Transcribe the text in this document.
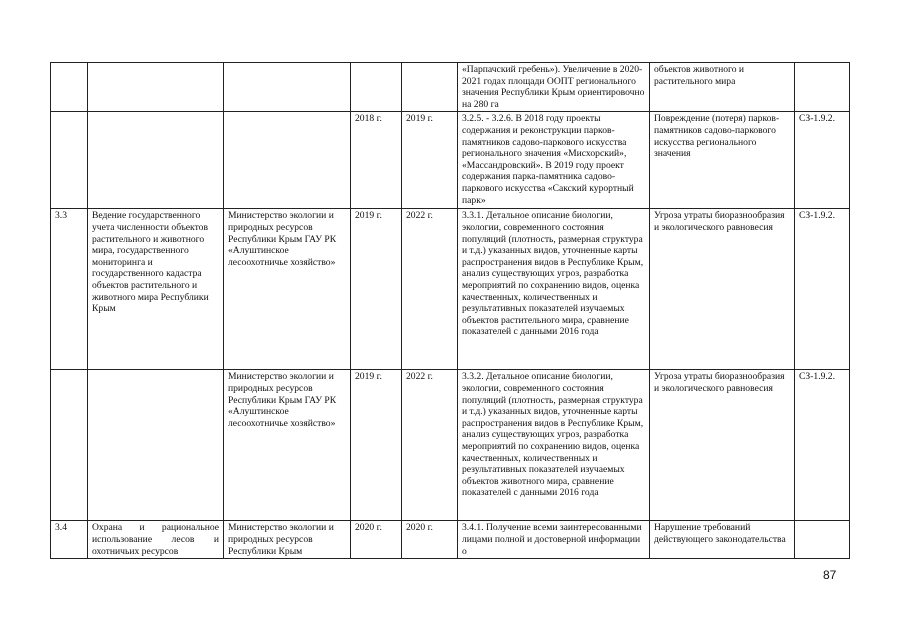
					«Парпачский гребень»). Увеличение в 2020-2021 годах площади ООПТ регионального значения Республики Крым ориентировочно на 280 га	объектов животного и растительного мира	
			2018 г.	2019 г.	3.2.5. - 3.2.6. В 2018 году проекты содержания и реконструкции парков-памятников садово-паркового искусства регионального значения «Мисхорский», «Массандровский». В 2019 году проект содержания парка-памятника садово-паркового искусства «Сакский курортный парк»	Повреждение (потеря) парков-памятников садово-паркового искусства регионального значения	СЗ-1.9.2.
3.3	Ведение государственного учета численности объектов растительного и животного мира, государственного мониторинга и государственного кадастра объектов растительного и животного мира Республики Крым	Министерство экологии и природных ресурсов Республики Крым ГАУ РК «Алуштинское лесоохотничье хозяйство»	2019 г.	2022 г.	3.3.1. Детальное описание биологии, экологии, современного состояния популяций (плотность, размерная структура и т.д.) указанных видов, уточненные карты распространения видов в Республике Крым, анализ существующих угроз, разработка мероприятий по сохранению видов, оценка качественных, количественных и результативных показателей изучаемых объектов растительного мира, сравнение показателей с данными 2016 года	Угроза утраты биоразнообразия и экологического равновесия	СЗ-1.9.2.
		Министерство экологии и природных ресурсов Республики Крым ГАУ РК «Алуштинское лесоохотничье хозяйство»	2019 г.	2022 г.	3.3.2. Детальное описание биологии, экологии, современного состояния популяций (плотность, размерная структура и т.д.) указанных видов, уточненные карты распространения видов в Республике Крым, анализ существующих угроз, разработка мероприятий по сохранению видов, оценка качественных, количественных и результативных показателей изучаемых объектов животного мира, сравнение показателей с данными 2016 года	Угроза утраты биоразнообразия и экологического равновесия	СЗ-1.9.2.
3.4	Охрана и рациональное использование лесов и охотничьих ресурсов	Министерство экологии и природных ресурсов Республики Крым	2020 г.	2020 г.	3.4.1. Получение всеми заинтересованными лицами полной и достоверной информации о	Нарушение требований действующего законодательства	
87
